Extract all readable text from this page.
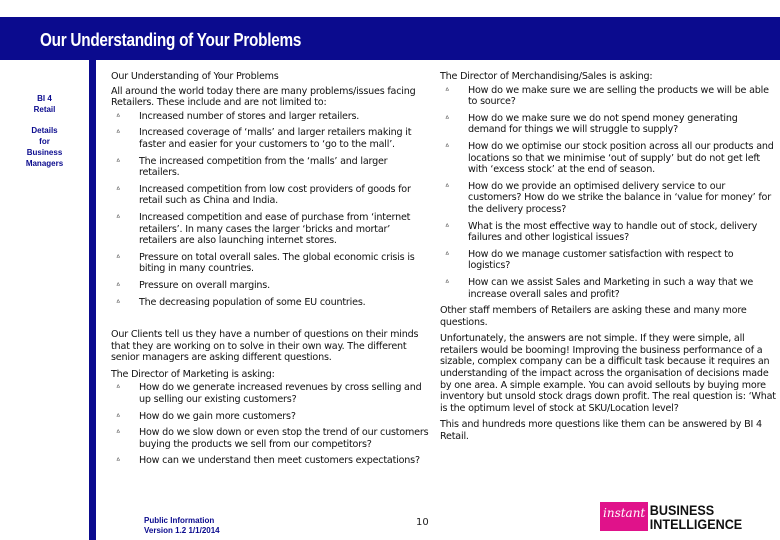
Our Understanding of Your Problems
BI 4
Retail
Details
for
Business
Managers

Our Understanding of Your Problems

All around the world today there are many problems/issues facing Retailers. These include and are not limited to:

ᐞ Increased number of stores and larger retailers.
ᐞ Increased coverage of ‘malls’ and larger retailers making it faster and easier for your customers to ‘go to the mall’.
ᐞ The increased competition from the ‘malls’ and larger retailers.
ᐞ Increased competition from low cost providers of goods for retail such as China and India.
ᐞ Increased competition and ease of purchase from ‘internet retailers’. In many cases the larger ‘bricks and mortar’ retailers are also launching internet stores.
ᐞ Pressure on total overall sales. The global economic crisis is biting in many countries.
ᐞ Pressure on overall margins.
ᐞ The decreasing population of some EU countries.

Our Clients tell us they have a number of questions on their minds that they are working on to solve in their own way. The different senior managers are asking different questions.

The Director of Marketing is asking:

ᐞ How do we generate increased revenues by cross selling and up selling our existing customers?
ᐞ How do we gain more customers?
ᐞ How do we slow down or even stop the trend of our customers buying the products we sell from our competitors?
ᐞ How can we understand then meet customers expectations?

The Director of Merchandising/Sales is asking:

ᐞ How do we make sure we are selling the products we will be able to source?
ᐞ How do we make sure we do not spend money generating demand for things we will struggle to supply?
ᐞ How do we optimise our stock position across all our products and locations so that we minimise ‘out of supply’ but do not get left with ‘excess stock’ at the end of season.
ᐞ How do we provide an optimised delivery service to our customers? How do we strike the balance in ‘value for money’ for the delivery process?
ᐞ What is the most effective way to handle out of stock, delivery failures and other logistical issues?
ᐞ How do we manage customer satisfaction with respect to logistics?
ᐞ How can we assist Sales and Marketing in such a way that we increase overall sales and profit?

Other staff members of Retailers are asking these and many more questions.

Unfortunately, the answers are not simple. If they were simple, all retailers would be booming! Improving the business performance of a sizable, complex company can be a difficult task because it requires an understanding of the impact across the organisation of decisions made by one area. A simple example. You can avoid sellouts by buying more inventory but unsold stock drags down profit. The real question is: ‘What is the optimum level of stock at SKU/Location level?

This and hundreds more questions like them can be answered by BI 4 Retail.

Public Information
Version 1.2 1/1/2014
10
instant BUSINESS
INTELLIGENCE
